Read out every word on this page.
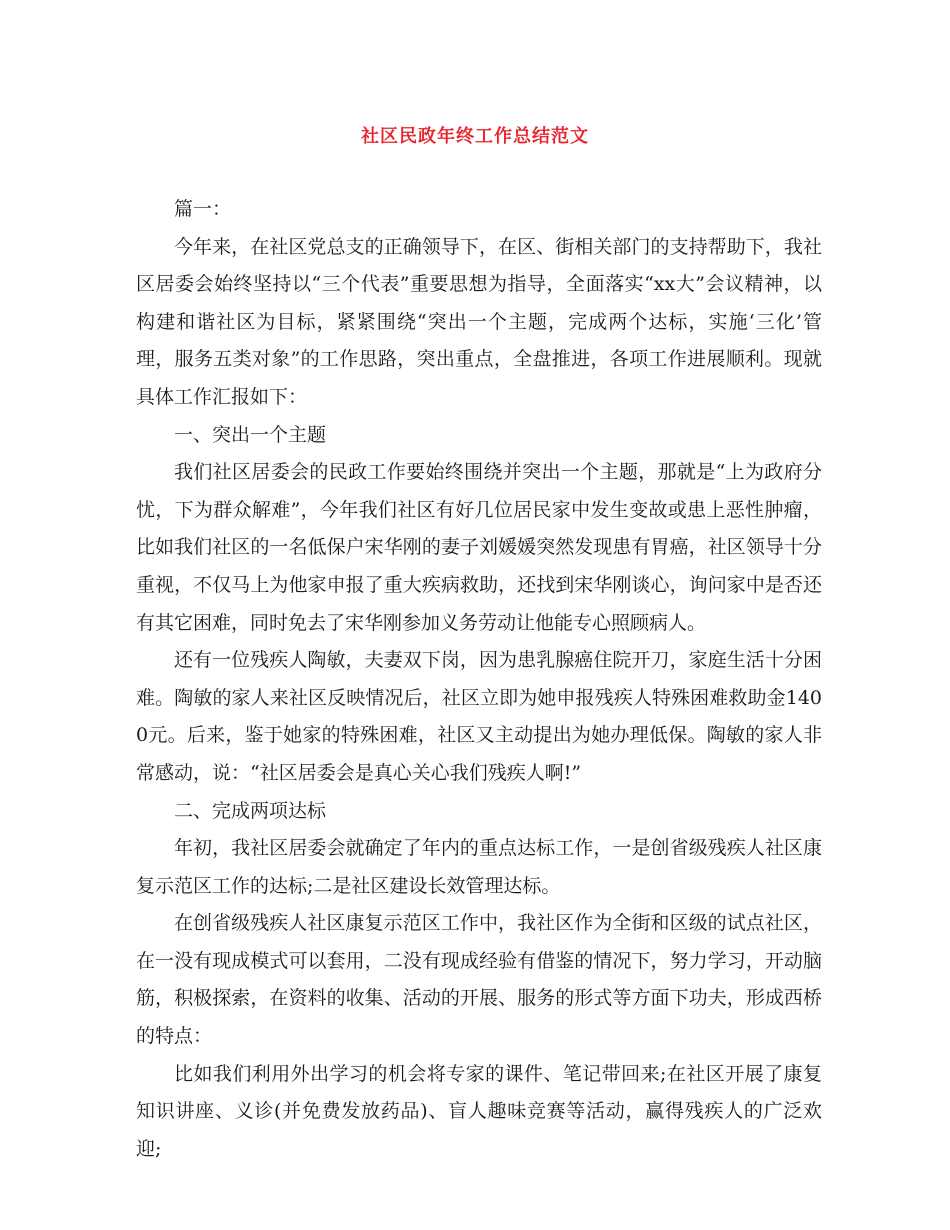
社区民政年终工作总结范文

篇一：

今年来，在社区党总支的正确领导下，在区、街相关部门的支持帮助下，我社区居委会始终坚持以“三个代表”重要思想为指导，全面落实“xx大”会议精神，以构建和谐社区为目标，紧紧围绕“突出一个主题，完成两个达标，实施‘三化’管理，服务五类对象”的工作思路，突出重点，全盘推进，各项工作进展顺利。现就具体工作汇报如下：

一、突出一个主题

我们社区居委会的民政工作要始终围绕并突出一个主题，那就是“上为政府分忧，下为群众解难”，今年我们社区有好几位居民家中发生变故或患上恶性肿瘤，比如我们社区的一名低保户宋华刚的妻子刘媛媛突然发现患有胃癌，社区领导十分重视，不仅马上为他家申报了重大疾病救助，还找到宋华刚谈心，询问家中是否还有其它困难，同时免去了宋华刚参加义务劳动让他能专心照顾病人。

还有一位残疾人陶敏，夫妻双下岗，因为患乳腺癌住院开刀，家庭生活十分困难。陶敏的家人来社区反映情况后，社区立即为她申报残疾人特殊困难救助金1400元。后来，鉴于她家的特殊困难，社区又主动提出为她办理低保。陶敏的家人非常感动，说：“社区居委会是真心关心我们残疾人啊!”

二、完成两项达标

年初，我社区居委会就确定了年内的重点达标工作，一是创省级残疾人社区康复示范区工作的达标;二是社区建设长效管理达标。

在创省级残疾人社区康复示范区工作中，我社区作为全街和区级的试点社区，在一没有现成模式可以套用，二没有现成经验有借鉴的情况下，努力学习，开动脑筋，积极探索，在资料的收集、活动的开展、服务的形式等方面下功夫，形成西桥的特点：

比如我们利用外出学习的机会将专家的课件、笔记带回来;在社区开展了康复知识讲座、义诊(并免费发放药品)、盲人趣味竞赛等活动，赢得残疾人的广泛欢迎;
